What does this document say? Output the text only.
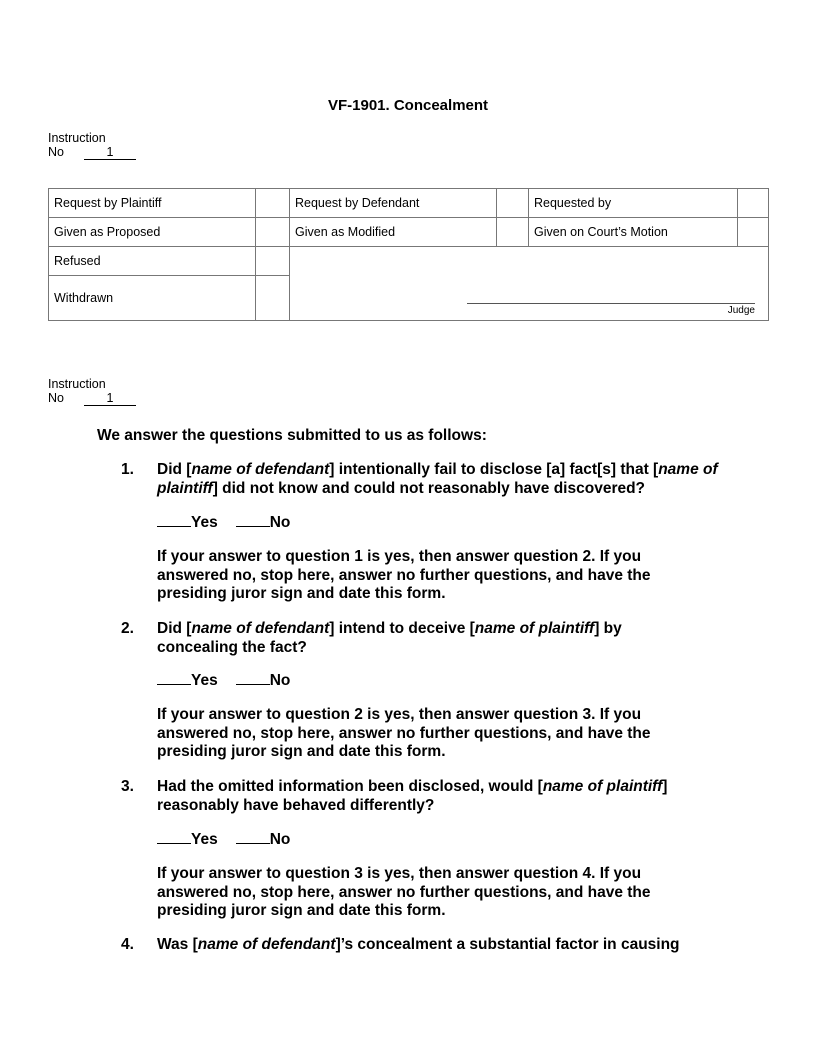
VF-1901. Concealment
Instruction
No	1
Request by Plaintiff		Request by Defendant		Requested by	
Given as Proposed		Given as Modified		Given on Court’s Motion	
Refused		Judge			

Withdrawn					
Instruction
No	1
We answer the questions submitted to us as follows:
1. Did [name of defendant] intentionally fail to disclose [a] fact[s] that [name of plaintiff] did not know and could not reasonably have discovered?
Yes	No
If your answer to question 1 is yes, then answer question 2. If you answered no, stop here, answer no further questions, and have the presiding juror sign and date this form.
2. Did [name of defendant] intend to deceive [name of plaintiff] by concealing the fact?
Yes	No
If your answer to question 2 is yes, then answer question 3. If you answered no, stop here, answer no further questions, and have the presiding juror sign and date this form.
3. Had the omitted information been disclosed, would [name of plaintiff] reasonably have behaved differently?
Yes	No
If your answer to question 3 is yes, then answer question 4. If you answered no, stop here, answer no further questions, and have the presiding juror sign and date this form.
4. Was [name of defendant]’s concealment a substantial factor in causing
